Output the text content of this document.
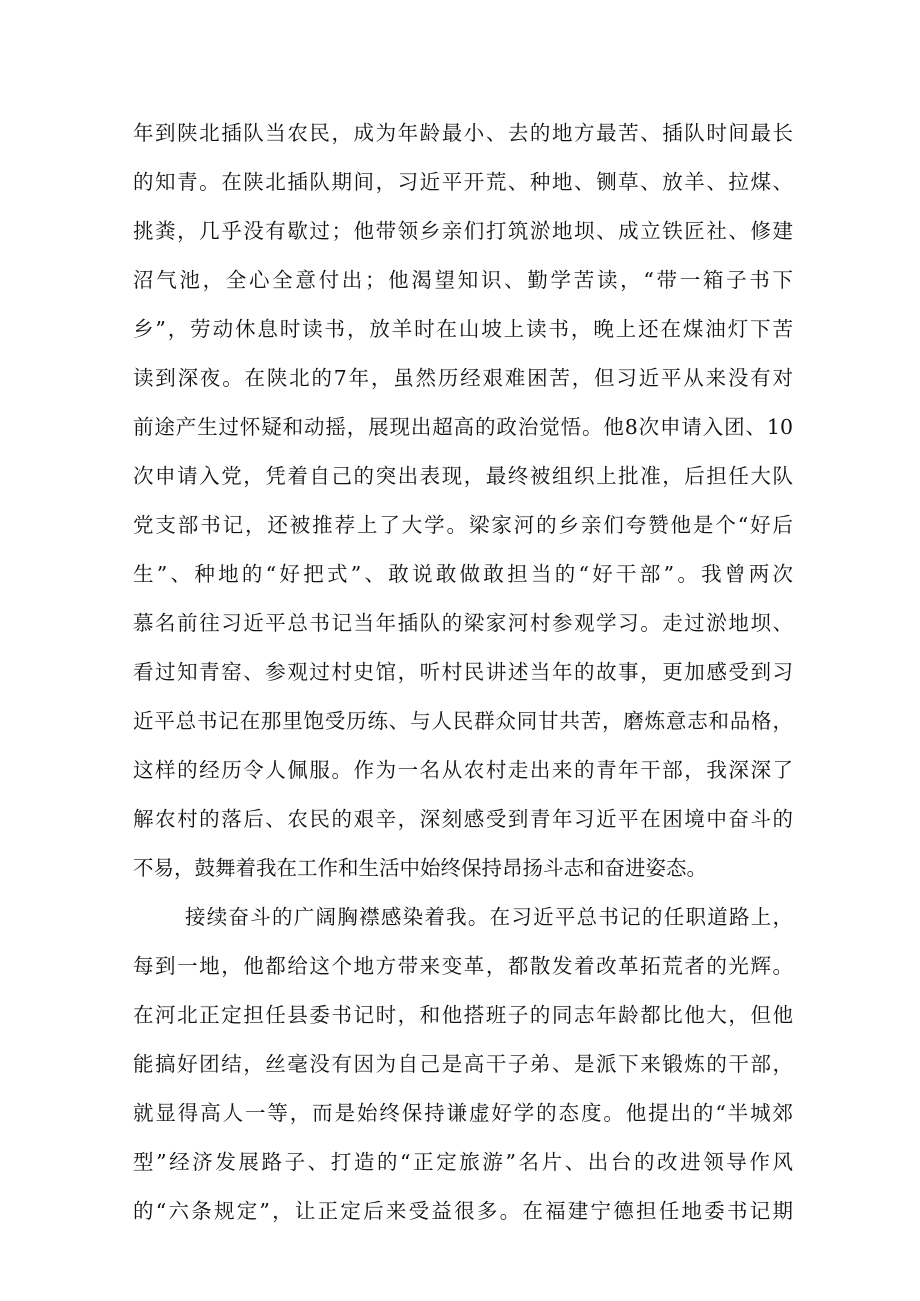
年到陕北插队当农民，成为年龄最小、去的地方最苦、插队时间最长

的知青。在陕北插队期间，习近平开荒、种地、铡草、放羊、拉煤、

挑粪，几乎没有歇过；他带领乡亲们打筑淤地坝、成立铁匠社、修建

沼气池，全心全意付出；他渴望知识、勤学苦读，“带一箱子书下

乡”，劳动休息时读书，放羊时在山坡上读书，晚上还在煤油灯下苦

读到深夜。在陕北的7年，虽然历经艰难困苦，但习近平从来没有对

前途产生过怀疑和动摇，展现出超高的政治觉悟。他8次申请入团、10

次申请入党，凭着自己的突出表现，最终被组织上批准，后担任大队

党支部书记，还被推荐上了大学。梁家河的乡亲们夸赞他是个“好后

生”、种地的“好把式”、敢说敢做敢担当的“好干部”。我曾两次

慕名前往习近平总书记当年插队的梁家河村参观学习。走过淤地坝、

看过知青窑、参观过村史馆，听村民讲述当年的故事，更加感受到习

近平总书记在那里饱受历练、与人民群众同甘共苦，磨炼意志和品格，

这样的经历令人佩服。作为一名从农村走出来的青年干部，我深深了

解农村的落后、农民的艰辛，深刻感受到青年习近平在困境中奋斗的

不易，鼓舞着我在工作和生活中始终保持昂扬斗志和奋进姿态。

接续奋斗的广阔胸襟感染着我。在习近平总书记的任职道路上，

每到一地，他都给这个地方带来变革，都散发着改革拓荒者的光辉。

在河北正定担任县委书记时，和他搭班子的同志年龄都比他大，但他

能搞好团结，丝毫没有因为自己是高干子弟、是派下来锻炼的干部，

就显得高人一等，而是始终保持谦虚好学的态度。他提出的“半城郊

型”经济发展路子、打造的“正定旅游”名片、出台的改进领导作风

的“六条规定”，让正定后来受益很多。在福建宁德担任地委书记期
